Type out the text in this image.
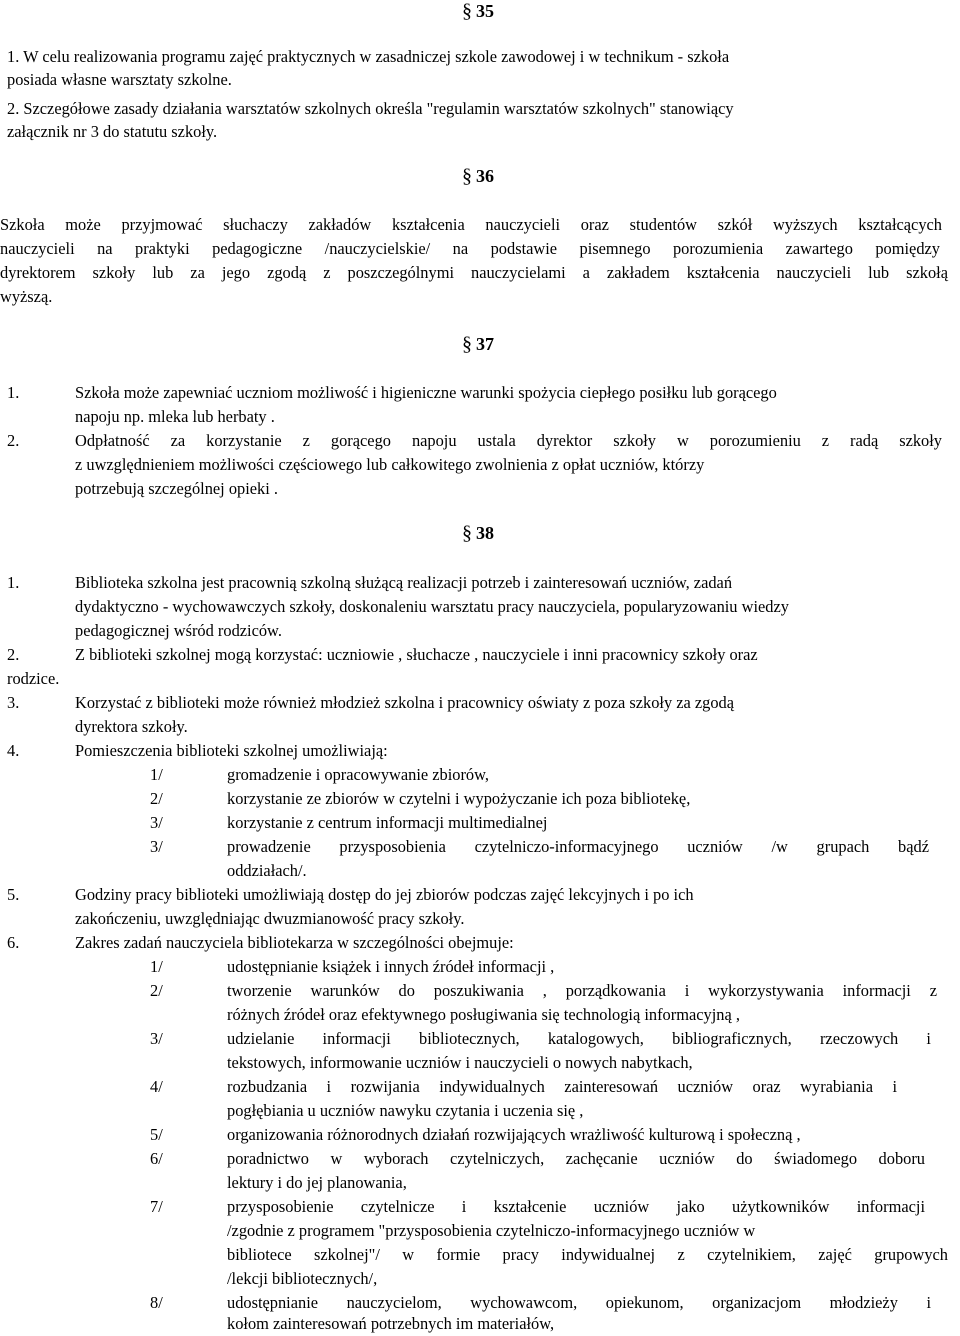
§ 35
1. W celu realizowania programu zajęć praktycznych w zasadniczej szkole zawodowej i w technikum - szkoła
posiada własne warsztaty szkolne.
2. Szczegółowe zasady działania warsztatów szkolnych określa "regulamin warsztatów szkolnych" stanowiący
załącznik nr 3 do statutu szkoły.
§ 36
Szkoła może przyjmować słuchaczy zakładów kształcenia nauczycieli oraz studentów szkół wyższych kształcących
nauczycieli na praktyki pedagogiczne /nauczycielskie/ na podstawie pisemnego porozumienia zawartego pomiędzy
dyrektorem szkoły lub za jego zgodą z poszczególnymi nauczycielami a zakładem kształcenia nauczycieli lub szkołą
wyższą.
§ 37
1.	Szkoła może zapewniać uczniom możliwość i higieniczne warunki spożycia ciepłego posiłku lub gorącego
napoju np. mleka lub herbaty .
2.	Odpłatność za korzystanie z gorącego napoju ustala dyrektor szkoły w porozumieniu z radą szkoły
z uwzględnieniem możliwości częściowego lub całkowitego zwolnienia z opłat uczniów, którzy
potrzebują szczególnej opieki .
§ 38
1.	Biblioteka szkolna jest pracownią szkolną służącą realizacji potrzeb i zainteresowań uczniów, zadań
dydaktyczno - wychowawczych szkoły, doskonaleniu warsztatu pracy nauczyciela, popularyzowaniu wiedzy
pedagogicznej wśród rodziców.
2.	Z biblioteki szkolnej mogą korzystać: uczniowie , słuchacze , nauczyciele i inni pracownicy szkoły oraz
rodzice.
3.	Korzystać z biblioteki może również młodzież szkolna i pracownicy oświaty z poza szkoły za zgodą
dyrektora szkoły.
4.	Pomieszczenia biblioteki szkolnej umożliwiają:
1/	gromadzenie i opracowywanie zbiorów,
2/	korzystanie ze zbiorów w czytelni i wypożyczanie ich poza bibliotekę,
3/	korzystanie z centrum informacji multimedialnej
3/	prowadzenie przysposobienia czytelniczo-informacyjnego uczniów /w grupach bądź
oddziałach/.
5.	Godziny pracy biblioteki umożliwiają dostęp do jej zbiorów podczas zajęć lekcyjnych i po ich
zakończeniu, uwzględniając dwuzmianowość pracy szkoły.
6.	Zakres zadań nauczyciela bibliotekarza w szczególności obejmuje:
1/	udostępnianie książek i innych źródeł informacji ,
2/	tworzenie warunków do poszukiwania , porządkowania i wykorzystywania informacji z
różnych źródeł oraz efektywnego posługiwania się technologią informacyjną ,
3/	udzielanie informacji bibliotecznych, katalogowych, bibliograficznych, rzeczowych i
tekstowych, informowanie uczniów i nauczycieli o nowych nabytkach,
4/	rozbudzania i rozwijania indywidualnych zainteresowań uczniów oraz wyrabiania i
pogłębiania u uczniów nawyku czytania i uczenia się ,
5/	organizowania różnorodnych działań rozwijających wrażliwość kulturową i społeczną ,
6/	poradnictwo w wyborach czytelniczych, zachęcanie uczniów do świadomego doboru
lektury i do jej planowania,
7/	przysposobienie czytelnicze i kształcenie uczniów jako użytkowników informacji
/zgodnie z programem "przysposobienia czytelniczo-informacyjnego uczniów w
bibliotece szkolnej"/ w formie pracy indywidualnej z czytelnikiem, zajęć grupowych
/lekcji bibliotecznych/,
8/	udostępnianie nauczycielom, wychowawcom, opiekunom, organizacjom młodzieży i
kołom zainteresowań potrzebnych im materiałów,
